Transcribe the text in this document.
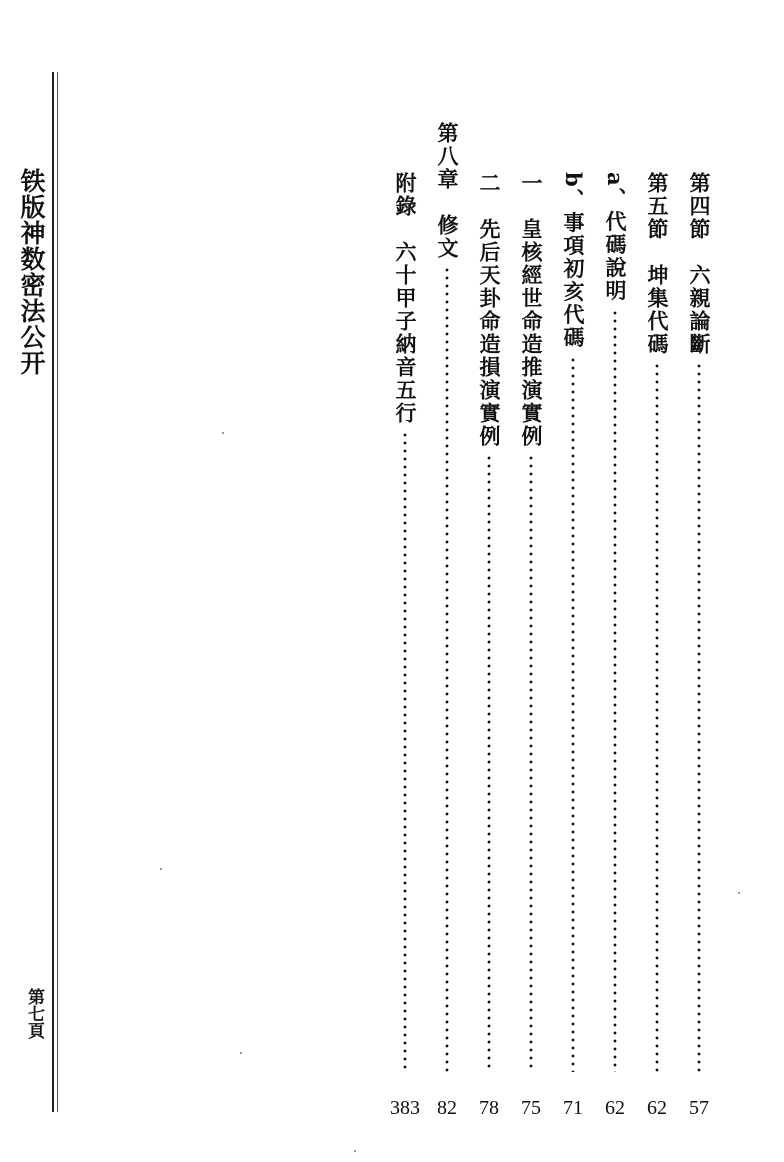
铁版神数密法公开
第七頁
第四節　六親論斷
57
第五節　坤集代碼
62
a、代碼說明
62
b、事項初亥代碼
71
一　皇核經世命造推演實例
75
二　先后天卦命造損演實例
78
第八章　修文
82
附錄　六十甲子納音五行
383
